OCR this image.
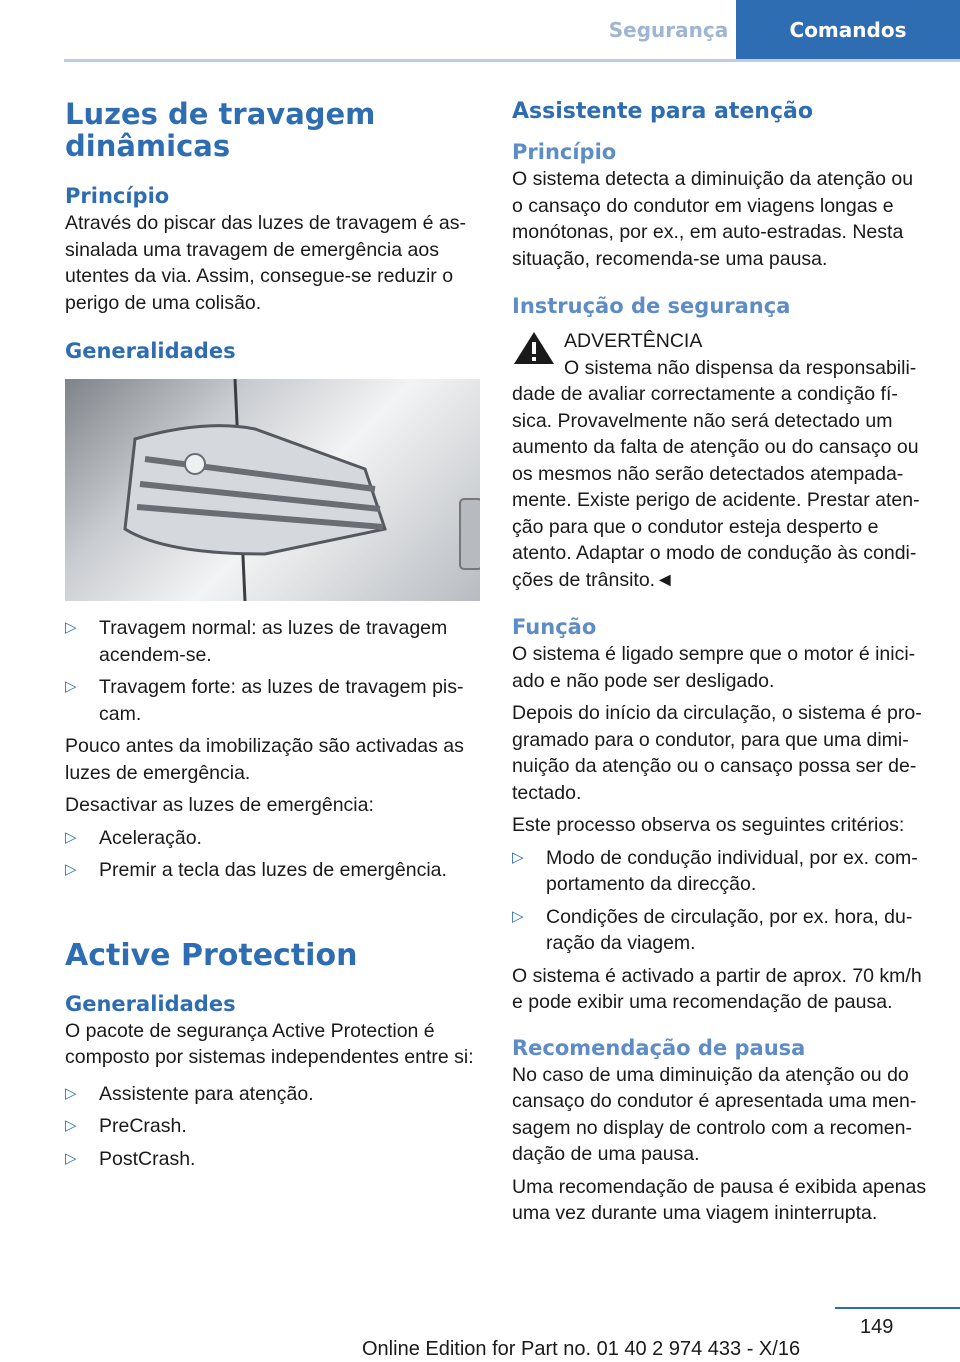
Segurança	Comandos
Luzes de travagem dinâmicas
Princípio

Através do piscar das luzes de travagem é as-sinalada uma travagem de emergência aos utentes da via. Assim, consegue-se reduzir o perigo de uma colisão.

Generalidades
▷ Travagem normal: as luzes de travagem acendem-se.
▷ Travagem forte: as luzes de travagem pis-cam.

Pouco antes da imobilização são activadas as luzes de emergência.

Desactivar as luzes de emergência:

▷ Aceleração.
▷ Premir a tecla das luzes de emergência.
Active Protection
Generalidades

O pacote de segurança Active Protection é composto por sistemas independentes entre si:

▷ Assistente para atenção.
▷ PreCrash.
▷ PostCrash.
Assistente para atenção
Princípio

O sistema detecta a diminuição da atenção ou o cansaço do condutor em viagens longas e monótonas, por ex., em auto-estradas. Nesta situação, recomenda-se uma pausa.

Instrução de segurança

ADVERTÊNCIA

O sistema não dispensa da responsabili-dade de avaliar correctamente a condição fí-sica. Provavelmente não será detectado um aumento da falta de atenção ou do cansaço ou os mesmos não serão detectados atempada-mente. Existe perigo de acidente. Prestar aten-ção para que o condutor esteja desperto e atento. Adaptar o modo de condução às condi-ções de trânsito.◄

Função

O sistema é ligado sempre que o motor é inici-ado e não pode ser desligado.

Depois do início da circulação, o sistema é pro-gramado para o condutor, para que uma dimi-nuição da atenção ou o cansaço possa ser de-tectado.

Este processo observa os seguintes critérios:

▷ Modo de condução individual, por ex. com-portamento da direcção.
▷ Condições de circulação, por ex. hora, du-ração da viagem.

O sistema é activado a partir de aprox. 70 km/h e pode exibir uma recomendação de pausa.

Recomendação de pausa

No caso de uma diminuição da atenção ou do cansaço do condutor é apresentada uma men-sagem no display de controlo com a recomen-dação de uma pausa.

Uma recomendação de pausa é exibida apenas uma vez durante uma viagem ininterrupta.

149
Online Edition for Part no. 01 40 2 974 433 - X/16
